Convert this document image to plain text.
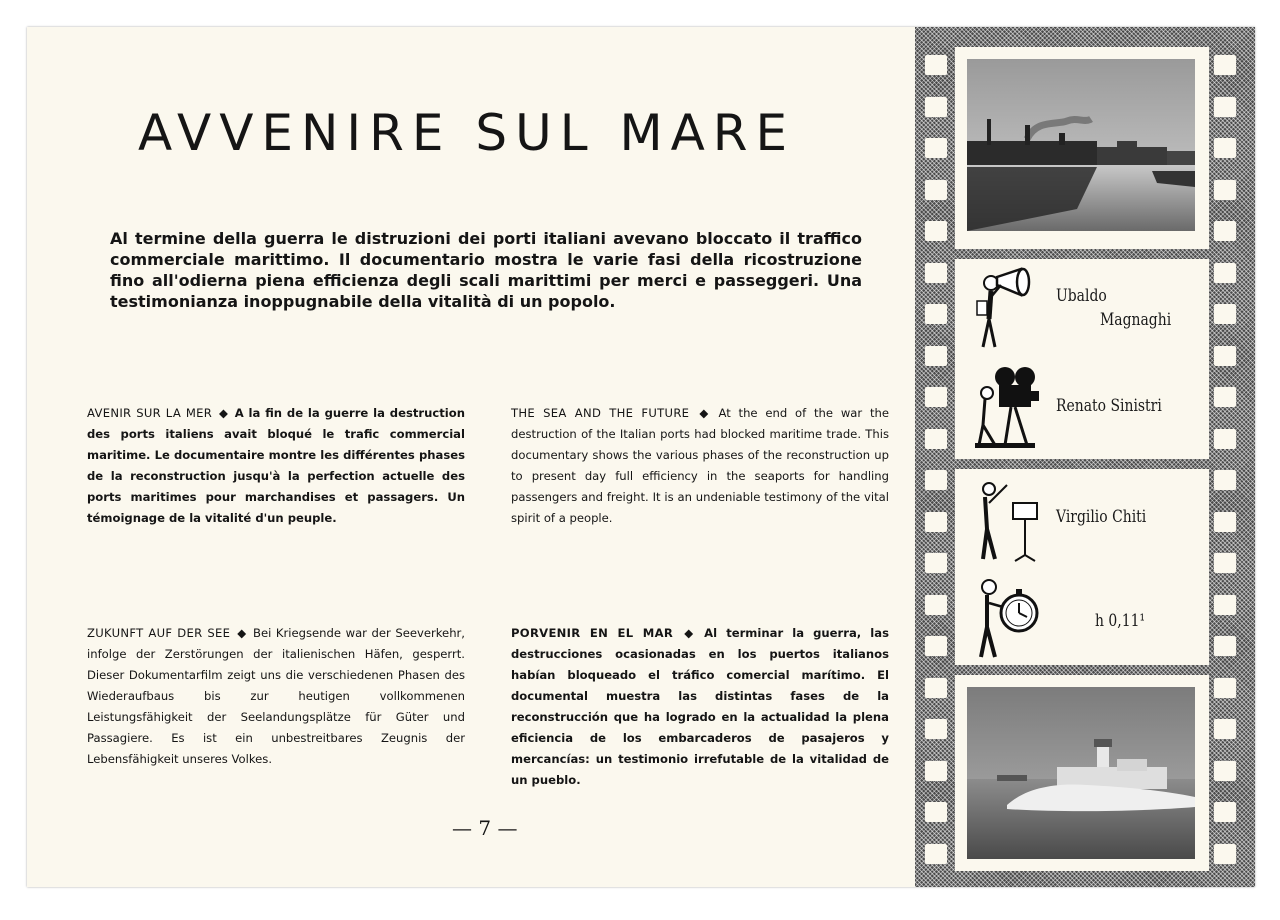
AVVENIRE SUL MARE

Al termine della guerra le distruzioni dei porti italiani avevano bloccato il traffico commerciale marittimo. Il documentario mostra le varie fasi della ricostruzione fino all'odierna piena efficienza degli scali marittimi per merci e passeggeri. Una testimonianza inoppugnabile della vitalità di un popolo.

AVENIR SUR LA MER ◆ A la fin de la guerre la destruction des ports italiens avait bloqué le trafic commercial maritime. Le documentaire montre les différentes phases de la reconstruction jusqu'à la perfection actuelle des ports maritimes pour marchandises et passagers. Un témoignage de la vitalité d'un peuple.

THE SEA AND THE FUTURE ◆ At the end of the war the destruction of the Italian ports had blocked maritime trade. This documentary shows the various phases of the reconstruction up to present day full efficiency in the seaports for handling passengers and freight. It is an undeniable testimony of the vital spirit of a people.

ZUKUNFT AUF DER SEE ◆ Bei Kriegsende war der Seeverkehr, infolge der Zerstörungen der italienischen Häfen, gesperrt. Dieser Dokumentarfilm zeigt uns die verschiedenen Phasen des Wiederaufbaus bis zur heutigen vollkommenen Leistungsfähigkeit der Seelandungsplätze für Güter und Passagiere. Es ist ein unbestreitbares Zeugnis der Lebensfähigkeit unseres Volkes.

PORVENIR EN EL MAR ◆ Al terminar la guerra, las destrucciones ocasionadas en los puertos italianos habían bloqueado el tráfico comercial marítimo. El documental muestra las distintas fases de la reconstrucción que ha logrado en la actualidad la plena eficiencia de los embarcaderos de pasajeros y mercancías: un testimonio irrefutable de la vitalidad de un pueblo.

— 7 —
Ubaldo
Magnaghi
Renato Sinistri
Virgilio Chiti
h 0,11¹
